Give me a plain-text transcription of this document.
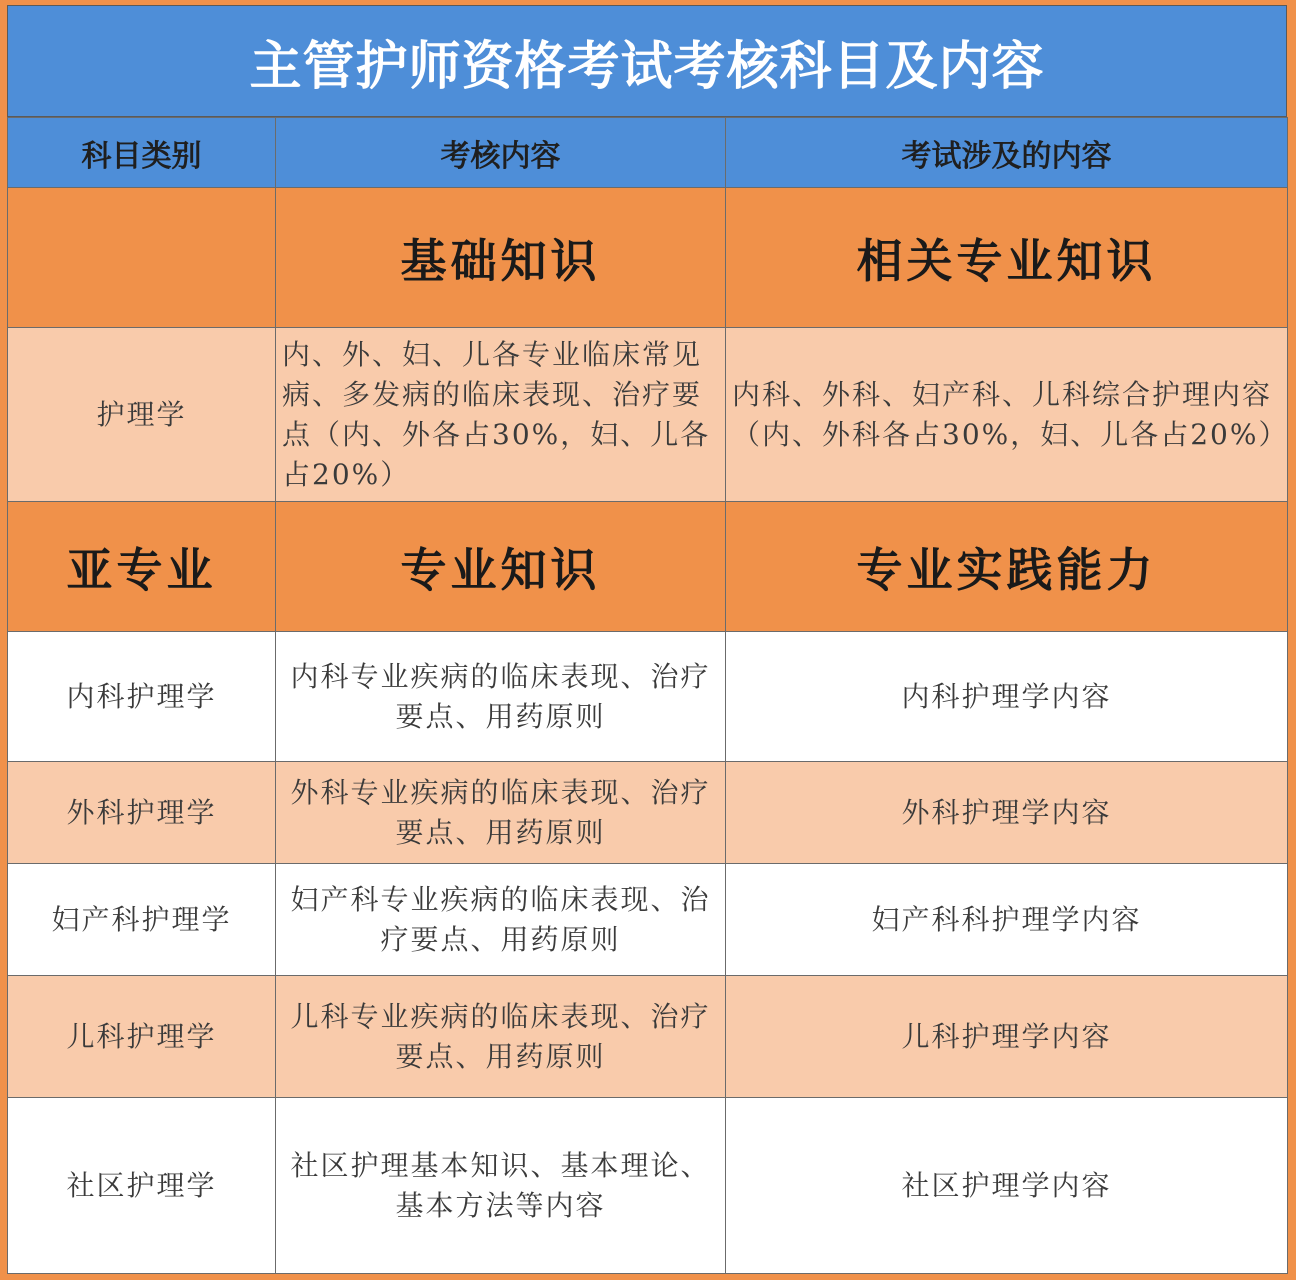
主管护师资格考试考核科目及内容
科目类别	考核内容	考试涉及的内容
	基础知识	相关专业知识
护理学	内、外、妇、儿各专业临床常见病、多发病的临床表现、治疗要点（内、外各占30%，妇、儿各占20%）	内科、外科、妇产科、儿科综合护理内容（内、外科各占30%，妇、儿各占20%）
亚专业	专业知识	专业实践能力
内科护理学	内科专业疾病的临床表现、治疗要点、用药原则	内科护理学内容
外科护理学	外科专业疾病的临床表现、治疗要点、用药原则	外科护理学内容
妇产科护理学	妇产科专业疾病的临床表现、治疗要点、用药原则	妇产科科护理学内容
儿科护理学	儿科专业疾病的临床表现、治疗要点、用药原则	儿科护理学内容
社区护理学	社区护理基本知识、基本理论、基本方法等内容	社区护理学内容
